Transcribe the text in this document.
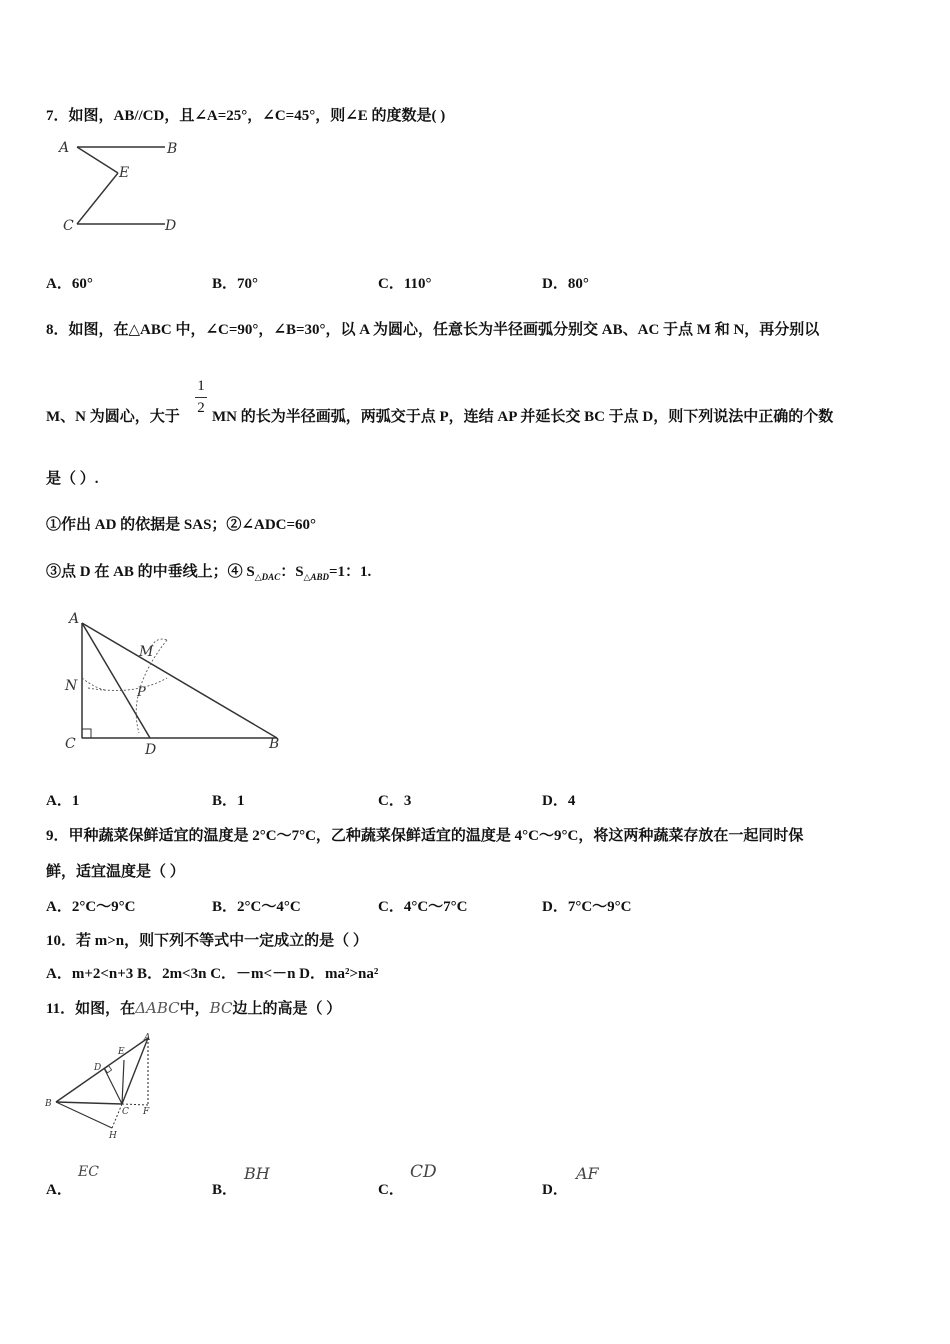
7．如图，AB//CD，且∠A=25°，∠C=45°，则∠E 的度数是( )
A	B
E
C	D
A．60°	B．70°	C．110°	D．80°
8．如图，在△ABC 中，∠C=90°，∠B=30°，以 A 为圆心，任意长为半径画弧分别交 AB、AC 于点 M 和 N，再分别以
1
2
M、N 为圆心，大于 MN 的长为半径画弧，两弧交于点 P，连结 AP 并延长交 BC 于点 D，则下列说法中正确的个数
是（ ）.
①作出 AD 的依据是 SAS；②∠ADC=60°
③点 D 在 AB 的中垂线上；④ $S_{\triangle DAC}$：$S_{\triangle ABD}=1$：1.
A
M
N	P
C	D	B
A．1	B．1	C．3	D．4
9．甲种蔬菜保鲜适宜的温度是 2°C～7°C，乙种蔬菜保鲜适宜的温度是 4°C～9°C，将这两种蔬菜存放在一起同时保
鲜，适宜温度是（ ）
A．2°C～9°C	B．2°C～4°C	C．4°C～7°C	D．7°C～9°C
10．若 m>n，则下列不等式中一定成立的是（ ）
A．m+2<n+3 B．2m<3n C．－m<－n D．ma²>na²
11．如图，在ΔABC中，BC边上的高是（ ）
A
E
D
B
C F
H
A．
EC
B．
BH
C．
CD
D．
AF
